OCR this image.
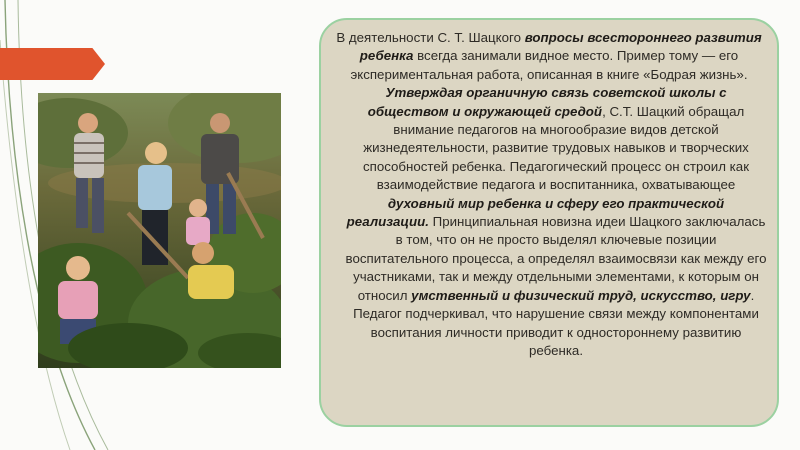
В деятельности С. Т. Шацкого вопросы всестороннего развития ребенка всегда занимали видное место. Пример тому — его экспериментальная работа, описанная в книге «Бодрая жизнь».

Утверждая органичную связь советской школы с обществом и окружающей средой, С.Т. Шацкий обращал внимание педагогов на многообразие видов детской жизнедеятельности, развитие трудовых навыков и творческих способностей ребенка. Педагогический процесс он строил как взаимодействие педагога и воспитанника, охватывающее духовный мир ребенка и сферу его практической реализации. Принципиальная новизна идеи Шацкого заключалась в том, что он не просто выделял ключевые позиции воспитательного процесса, а определял взаимосвязи как между его участниками, так и между отдельными элементами, к которым он относил умственный и физический труд, искусство, игру. Педагог подчеркивал, что нарушение связи между компонентами воспитания личности приводит к одностороннему развитию ребенка.
